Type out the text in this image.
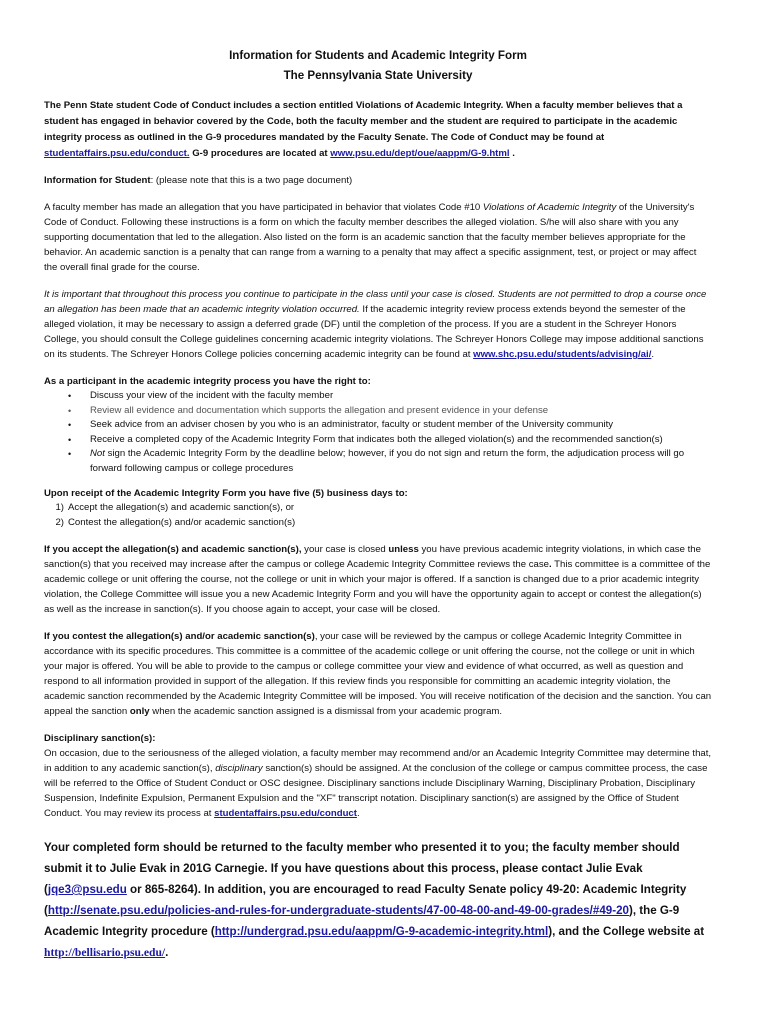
Information for Students and Academic Integrity Form
The Pennsylvania State University

The Penn State student Code of Conduct includes a section entitled Violations of Academic Integrity. When a faculty member believes that a student has engaged in behavior covered by the Code, both the faculty member and the student are required to participate in the academic integrity process as outlined in the G-9 procedures mandated by the Faculty Senate. The Code of Conduct may be found at studentaffairs.psu.edu/conduct. G-9 procedures are located at www.psu.edu/dept/oue/aappm/G-9.html .

Information for Student: (please note that this is a two page document)

A faculty member has made an allegation that you have participated in behavior that violates Code #10 Violations of Academic Integrity of the University's Code of Conduct. Following these instructions is a form on which the faculty member describes the alleged violation. S/he will also share with you any supporting documentation that led to the allegation. Also listed on the form is an academic sanction that the faculty member believes appropriate for the behavior. An academic sanction is a penalty that can range from a warning to a penalty that may affect a specific assignment, test, or project or may affect the overall final grade for the course.

It is important that throughout this process you continue to participate in the class until your case is closed. Students are not permitted to drop a course once an allegation has been made that an academic integrity violation occurred. If the academic integrity review process extends beyond the semester of the alleged violation, it may be necessary to assign a deferred grade (DF) until the completion of the process. If you are a student in the Schreyer Honors College, you should consult the College guidelines concerning academic integrity violations. The Schreyer Honors College may impose additional sanctions on its students. The Schreyer Honors College policies concerning academic integrity can be found at www.shc.psu.edu/students/advising/ai/.

As a participant in the academic integrity process you have the right to:

• Discuss your view of the incident with the faculty member
• Review all evidence and documentation which supports the allegation and present evidence in your defense
• Seek advice from an adviser chosen by you who is an administrator, faculty or student member of the University community
• Receive a completed copy of the Academic Integrity Form that indicates both the alleged violation(s) and the recommended sanction(s)
• Not sign the Academic Integrity Form by the deadline below; however, if you do not sign and return the form, the adjudication process will go forward following campus or college procedures

Upon receipt of the Academic Integrity Form you have five (5) business days to:

1) Accept the allegation(s) and academic sanction(s), or
2) Contest the allegation(s) and/or academic sanction(s)

If you accept the allegation(s) and academic sanction(s), your case is closed unless you have previous academic integrity violations, in which case the sanction(s) that you received may increase after the campus or college Academic Integrity Committee reviews the case. This committee is a committee of the academic college or unit offering the course, not the college or unit in which your major is offered. If a sanction is changed due to a prior academic integrity violation, the College Committee will issue you a new Academic Integrity Form and you will have the opportunity again to accept or contest the allegation(s) as well as the increase in sanction(s). If you choose again to accept, your case will be closed.

If you contest the allegation(s) and/or academic sanction(s), your case will be reviewed by the campus or college Academic Integrity Committee in accordance with its specific procedures. This committee is a committee of the academic college or unit offering the course, not the college or unit in which your major is offered. You will be able to provide to the campus or college committee your view and evidence of what occurred, as well as question and respond to all information provided in support of the allegation. If this review finds you responsible for committing an academic integrity violation, the academic sanction recommended by the Academic Integrity Committee will be imposed. You will receive notification of the decision and the sanction. You can appeal the sanction only when the academic sanction assigned is a dismissal from your academic program.

Disciplinary sanction(s):

On occasion, due to the seriousness of the alleged violation, a faculty member may recommend and/or an Academic Integrity Committee may determine that, in addition to any academic sanction(s), disciplinary sanction(s) should be assigned. At the conclusion of the college or campus committee process, the case will be referred to the Office of Student Conduct or OSC designee. Disciplinary sanctions include Disciplinary Warning, Disciplinary Probation, Disciplinary Suspension, Indefinite Expulsion, Permanent Expulsion and the "XF" transcript notation. Disciplinary sanction(s) are assigned by the Office of Student Conduct. You may review its process at studentaffairs.psu.edu/conduct.

Your completed form should be returned to the faculty member who presented it to you; the faculty member should submit it to Julie Evak in 201G Carnegie. If you have questions about this process, please contact Julie Evak (jqe3@psu.edu or 865-8264). In addition, you are encouraged to read Faculty Senate policy 49-20: Academic Integrity (http://senate.psu.edu/policies-and-rules-for-undergraduate-students/47-00-48-00-and-49-00-grades/#49-20), the G-9 Academic Integrity procedure (http://undergrad.psu.edu/aappm/G-9-academic-integrity.html), and the College website at http://bellisario.psu.edu/.
